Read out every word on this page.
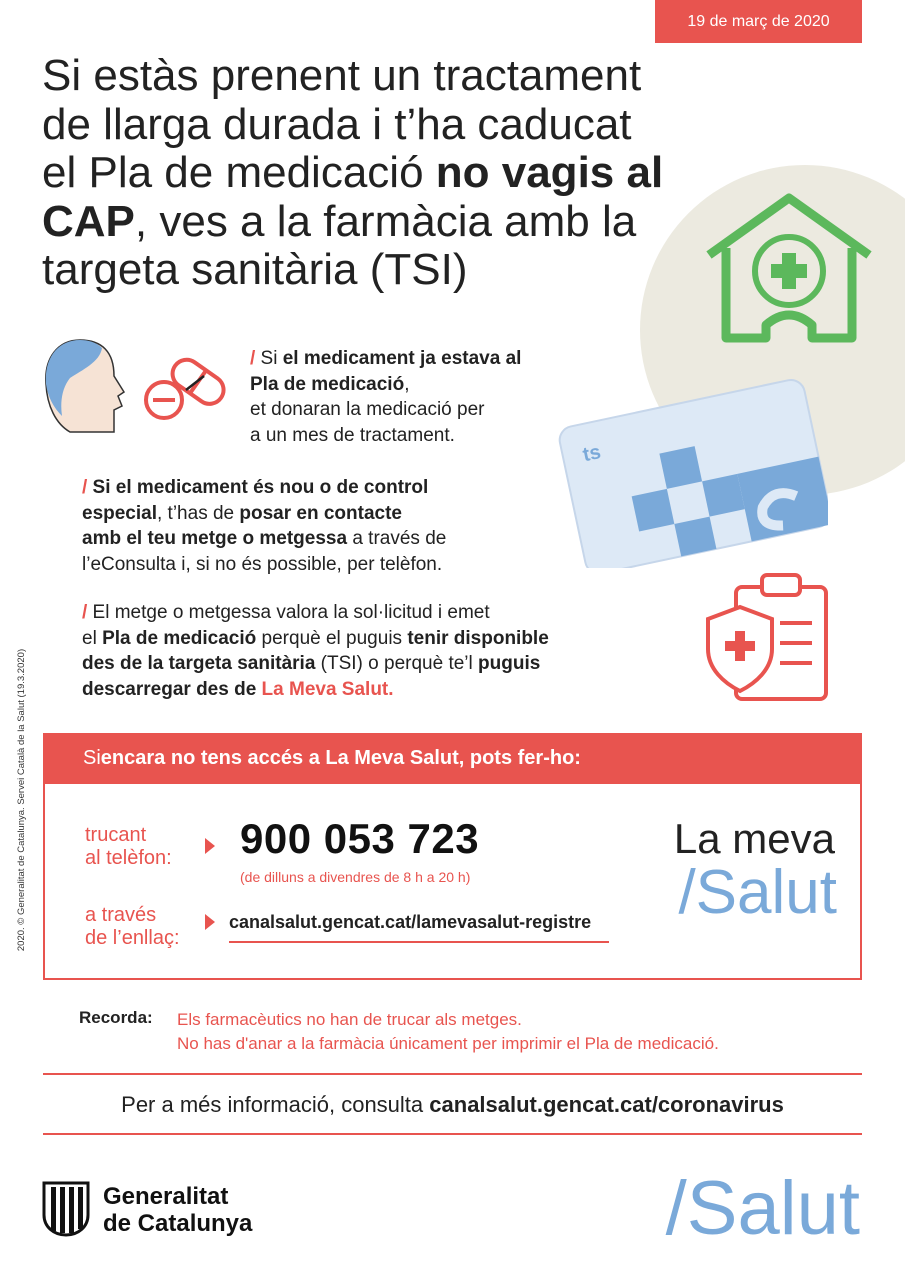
19 de març de 2020
Si estàs prenent un tractament
de llarga durada i t’ha caducat
el Pla de medicació no vagis al
CAP, ves a la farmàcia amb la
targeta sanitària (TSI)
ts
/ Si el medicament ja estava al
Pla de medicació,
et donaran la medicació per
a un mes de tractament.
/ Si el medicament és nou o de control
especial, t’has de posar en contacte
amb el teu metge o metgessa a través de
l’eConsulta i, si no és possible, per telèfon.
/ El metge o metgessa valora la sol·licitud i emet
el Pla de medicació perquè el puguis tenir disponible
des de la targeta sanitària (TSI) o perquè te’l puguis
descarregar des de La Meva Salut.
Si encara no tens accés a La Meva Salut, pots fer-ho:
trucant
al telèfon: 900 053 723
(de dilluns a divendres de 8 h a 20 h)
a través
de l’enllaç:
canalsalut.gencat.cat/lamevasalut-registre
La meva
/Salut
Recorda: Els farmacèutics no han de trucar als metges.
No has d'anar a la farmàcia únicament per imprimir el Pla de medicació.
Per a més informació, consulta canalsalut.gencat.cat/coronavirus
Generalitat
de Catalunya	/Salut
2020. © Generalitat de Catalunya. Servei Català de la Salut (19.3.2020)
